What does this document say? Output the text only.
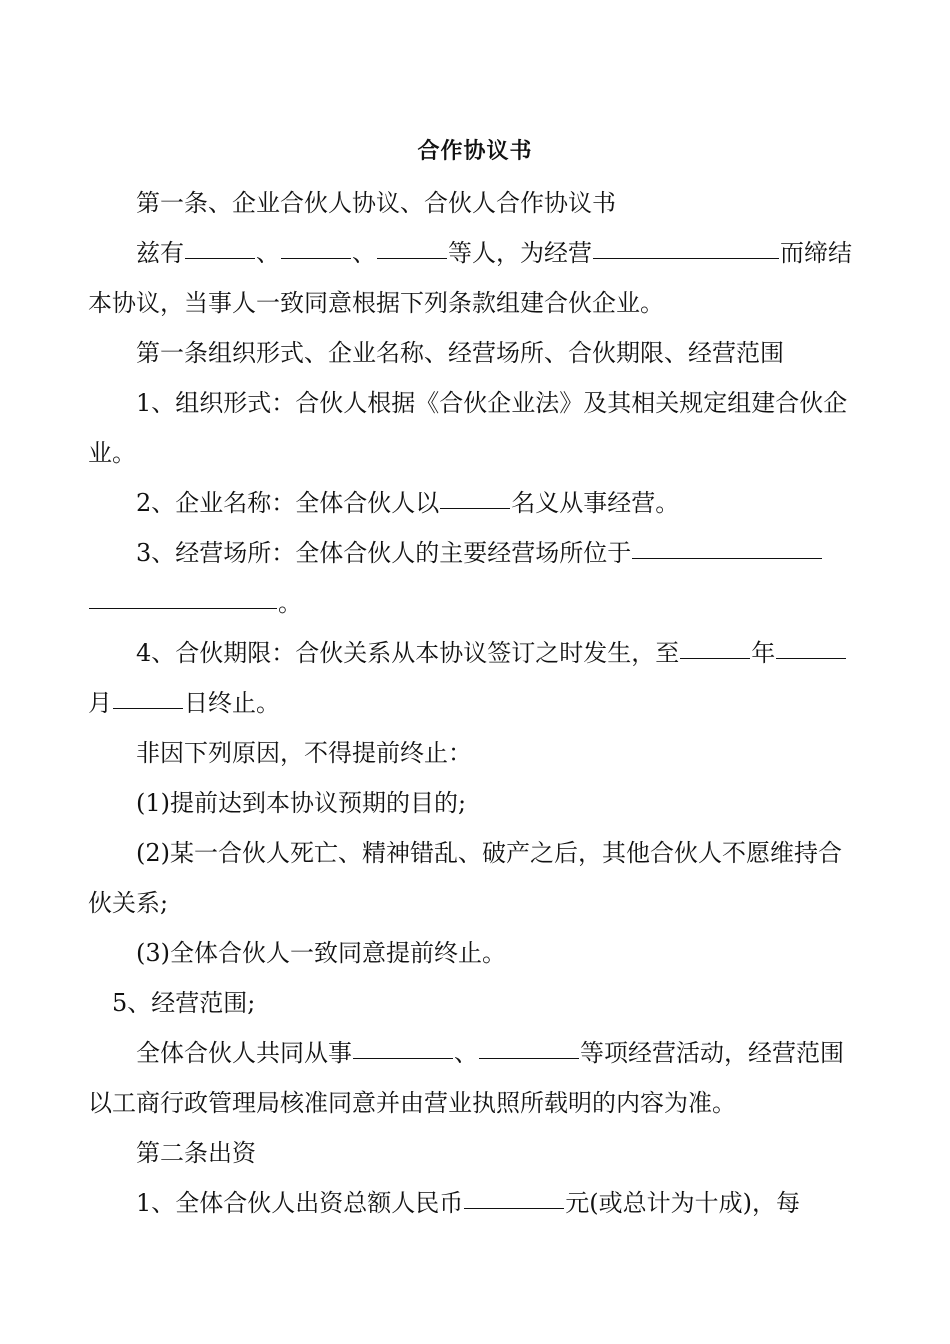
合作协议书

第一条、企业合伙人协议、合伙人合作协议书

兹有	、	、	等人，为经营	而缔结本协议，当事人一致同意根据下列条款组建合伙企业。

第一条组织形式、企业名称、经营场所、合伙期限、经营范围

1、组织形式：合伙人根据《合伙企业法》及其相关规定组建合伙企业。

2、企业名称：全体合伙人以	名义从事经营。

3、经营场所：全体合伙人的主要经营场所位于。

4、合伙期限：合伙关系从本协议签订之时发生，至	年月	日终止。

非因下列原因，不得提前终止：

(1)提前达到本协议预期的目的;

(2)某一合伙人死亡、精神错乱、破产之后，其他合伙人不愿维持合伙关系;

(3)全体合伙人一致同意提前终止。

5、经营范围;

全体合伙人共同从事	、	等项经营活动，经营范围以工商行政管理局核准同意并由营业执照所载明的内容为准。

第二条出资

1、全体合伙人出资总额人民币	元(或总计为十成)，每
